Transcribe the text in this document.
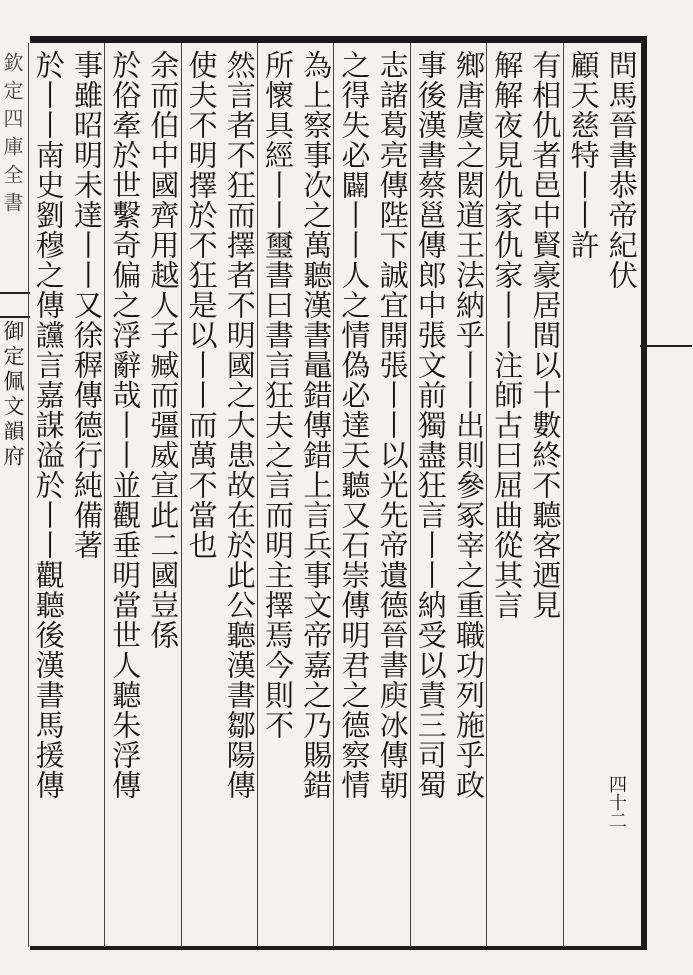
欽定四庫全書
御定佩文韻府
四十二
問馬晉書恭帝紀伏
顧天慈特丨丨許
有相仇者邑中賢豪居間以十數終不聽客迺見
解解夜見仇家仇家丨丨注師古曰屈曲從其言
鄉唐虞之閎道王法納乎丨丨出則參冢宰之重職功列施乎政
事後漢書蔡邕傳郎中張文前獨盡狂言丨丨納受以責三司蜀
志諸葛亮傳陛下誠宜開張丨丨以光先帝遺德晉書庾冰傳朝
之得失必闢丨丨人之情偽必達天聽又石崇傳明君之德察情
為上察事次之萬聽漢書鼂錯傳錯上言兵事文帝嘉之乃賜錯
所懷具經丨丨璽書曰書言狂夫之言而明主擇焉今則不
然言者不狂而擇者不明國之大患故在於此公聽漢書鄒陽傳
使夫不明擇於不狂是以丨丨而萬不當也
余而伯中國齊用越人子臧而彊威宣此二國豈係
於俗牽於世繫奇偏之浮辭哉丨丨並觀垂明當世人聽朱浮傳
事雖昭明未達丨丨又徐稺傳德行純備著
於丨丨南史劉穆之傳讜言嘉謀溢於丨丨觀聽後漢書馬援傳
